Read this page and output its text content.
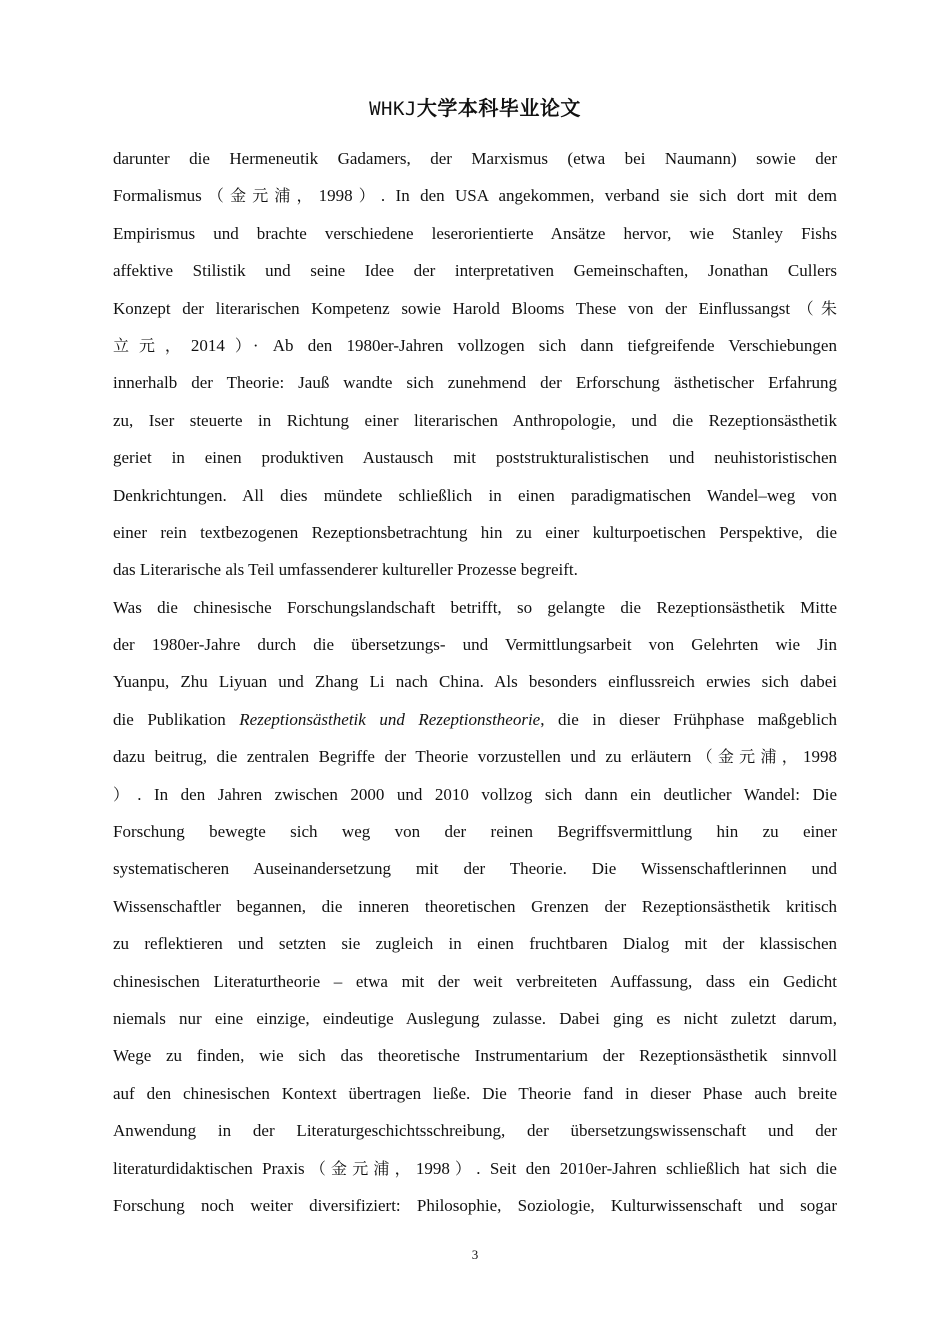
WHKJ大学本科毕业论文
darunter die Hermeneutik Gadamers, der Marxismus (etwa bei Naumann) sowie der
Formalismus（金元浦，1998）. In den USA angekommen, verband sie sich dort mit dem
Empirismus und brachte verschiedene leserorientierte Ansätze hervor, wie Stanley Fishs
affektive Stilistik und seine Idee der interpretativen Gemeinschaften, Jonathan Cullers
Konzept der literarischen Kompetenz sowie Harold Blooms These von der Einflussangst（朱
立元，2014）· Ab den 1980er-Jahren vollzogen sich dann tiefgreifende Verschiebungen
innerhalb der Theorie: Jauß wandte sich zunehmend der Erforschung ästhetischer Erfahrung
zu, Iser steuerte in Richtung einer literarischen Anthropologie, und die Rezeptionsästhetik
geriet in einen produktiven Austausch mit poststrukturalistischen und neuhistoristischen
Denkrichtungen. All dies mündete schließlich in einen paradigmatischen Wandel–weg von
einer rein textbezogenen Rezeptionsbetrachtung hin zu einer kulturpoetischen Perspektive, die
das Literarische als Teil umfassenderer kultureller Prozesse begreift.
Was die chinesische Forschungslandschaft betrifft, so gelangte die Rezeptionsästhetik Mitte
der 1980er-Jahre durch die übersetzungs- und Vermittlungsarbeit von Gelehrten wie Jin
Yuanpu, Zhu Liyuan und Zhang Li nach China. Als besonders einflussreich erwies sich dabei
die Publikation Rezeptionsästhetik und Rezeptionstheorie, die in dieser Frühphase maßgeblich
dazu beitrug, die zentralen Begriffe der Theorie vorzustellen und zu erläutern（金元浦，1998
）. In den Jahren zwischen 2000 und 2010 vollzog sich dann ein deutlicher Wandel: Die
Forschung bewegte sich weg von der reinen Begriffsvermittlung hin zu einer
systematischeren Auseinandersetzung mit der Theorie. Die Wissenschaftlerinnen und
Wissenschaftler begannen, die inneren theoretischen Grenzen der Rezeptionsästhetik kritisch
zu reflektieren und setzten sie zugleich in einen fruchtbaren Dialog mit der klassischen
chinesischen Literaturtheorie – etwa mit der weit verbreiteten Auffassung, dass ein Gedicht
niemals nur eine einzige, eindeutige Auslegung zulasse. Dabei ging es nicht zuletzt darum,
Wege zu finden, wie sich das theoretische Instrumentarium der Rezeptionsästhetik sinnvoll
auf den chinesischen Kontext übertragen ließe. Die Theorie fand in dieser Phase auch breite
Anwendung in der Literaturgeschichtsschreibung, der übersetzungswissenschaft und der
literaturdidaktischen Praxis（金元浦，1998）. Seit den 2010er-Jahren schließlich hat sich die
Forschung noch weiter diversifiziert: Philosophie, Soziologie, Kulturwissenschaft und sogar
3
